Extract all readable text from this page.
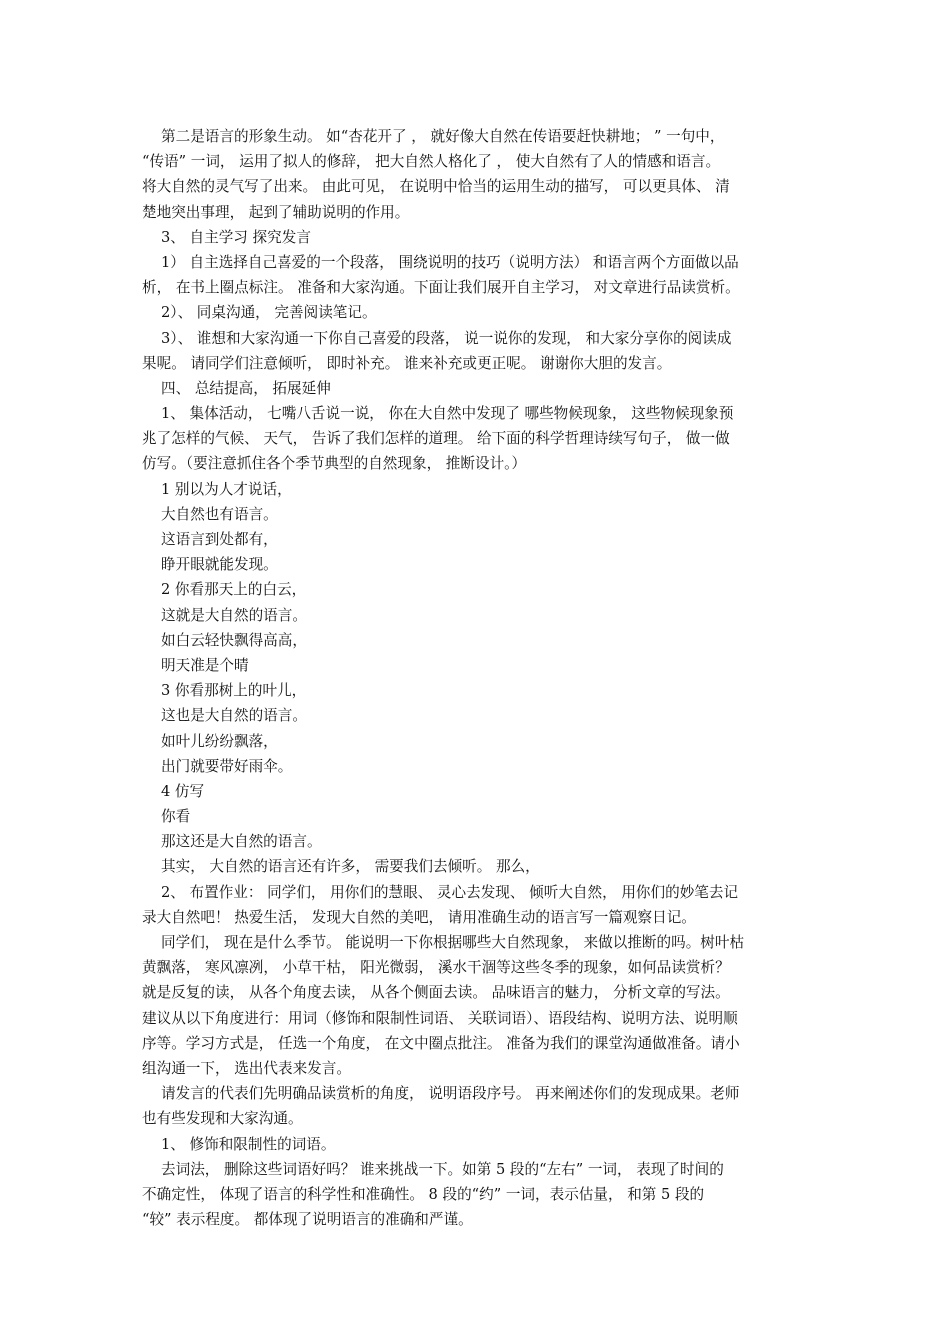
第二是语言的形象生动。 如“杏花开了 ， 就好像大自然在传语要赶快耕地； ” 一句中，
“传语” 一词， 运用了拟人的修辞， 把大自然人格化了 ， 使大自然有了人的情感和语言。
将大自然的灵气写了出来。 由此可见， 在说明中恰当的运用生动的描写， 可以更具体、 清
楚地突出事理， 起到了辅助说明的作用。
3、 自主学习 探究发言
1） 自主选择自己喜爱的一个段落， 围绕说明的技巧（说明方法） 和语言两个方面做以品
析， 在书上圈点标注。 准备和大家沟通。下面让我们展开自主学习， 对文章进行品读赏析。
2）、 同桌沟通， 完善阅读笔记。
3）、 谁想和大家沟通一下你自己喜爱的段落， 说一说你的发现， 和大家分享你的阅读成
果呢。 请同学们注意倾听， 即时补充。 谁来补充或更正呢。 谢谢你大胆的发言。
四、 总结提高， 拓展延伸
1、 集体活动， 七嘴八舌说一说， 你在大自然中发现了 哪些物候现象， 这些物候现象预
兆了怎样的气候、 天气， 告诉了我们怎样的道理。 给下面的科学哲理诗续写句子， 做一做
仿写。（要注意抓住各个季节典型的自然现象， 推断设计。）
1 别以为人才说话，
大自然也有语言。
这语言到处都有，
睁开眼就能发现。
2 你看那天上的白云，
这就是大自然的语言。
如白云轻快飘得高高，
明天准是个晴
3 你看那树上的叶儿，
这也是大自然的语言。
如叶儿纷纷飘落，
出门就要带好雨伞。
4 仿写
你看
那这还是大自然的语言。
其实， 大自然的语言还有许多， 需要我们去倾听。 那么，
2、 布置作业： 同学们， 用你们的慧眼、 灵心去发现、 倾听大自然， 用你们的妙笔去记
录大自然吧！ 热爱生活， 发现大自然的美吧， 请用准确生动的语言写一篇观察日记。
同学们， 现在是什么季节。 能说明一下你根据哪些大自然现象， 来做以推断的吗。树叶枯
黄飘落， 寒风凛冽， 小草干枯， 阳光微弱， 溪水干涸等这些冬季的现象，如何品读赏析？
就是反复的读， 从各个角度去读， 从各个侧面去读。 品味语言的魅力， 分析文章的写法。
建议从以下角度进行：用词（修饰和限制性词语、 关联词语）、语段结构、说明方法、说明顺
序等。学习方式是， 任选一个角度， 在文中圈点批注。 准备为我们的课堂沟通做准备。请小
组沟通一下， 选出代表来发言。
请发言的代表们先明确品读赏析的角度， 说明语段序号。 再来阐述你们的发现成果。老师
也有些发现和大家沟通。
1、 修饰和限制性的词语。
去词法， 删除这些词语好吗？ 谁来挑战一下。如第 5 段的“左右” 一词， 表现了时间的
不确定性， 体现了语言的科学性和准确性。 8 段的“约” 一词，表示估量， 和第 5 段的
“较” 表示程度。 都体现了说明语言的准确和严谨。
